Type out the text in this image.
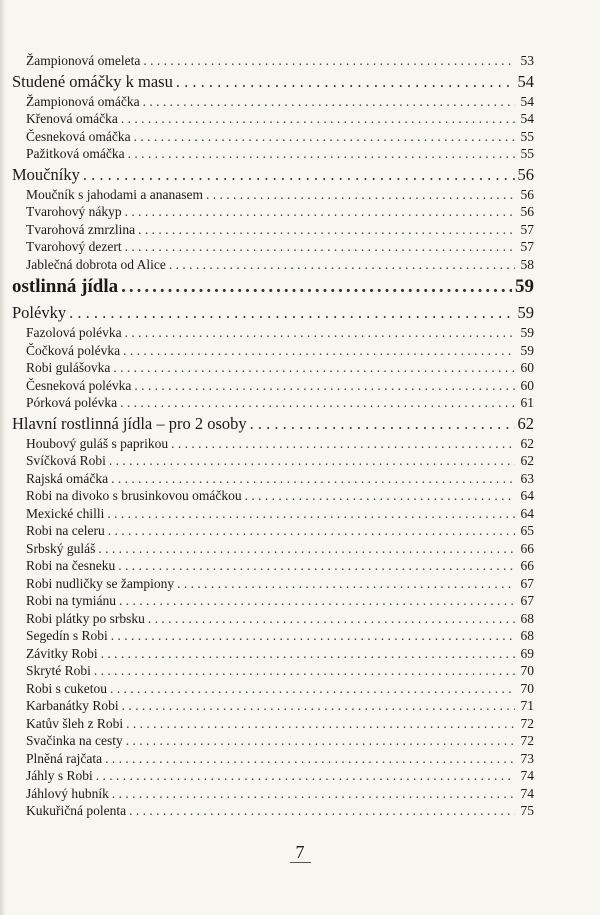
Žampionová omeleta . . .	53
Studené omáčky k masu . . .	54
Žampionová omáčka . . .	54
Křenová omáčka . . .	54
Česneková omáčka . . .	55
Pažitková omáčka . . .	55
Moučníky . . .	56
Moučník s jahodami a ananasem . . .	56
Tvarohový nákyp . . .	56
Tvarohová zmrzlina . . .	57
Tvarohový dezert . . .	57
Jablečná dobrota od Alice . . .	58
ostlinná jídla .....	59
Polévky . . .	59
Fazolová polévka . . .	59
Čočková polévka . . .	59
Robi gulášovka . . .	60
Česneková polévka . . .	60
Pórková polévka . . .	61
Hlavní rostlinná jídla – pro 2 osoby . . .	62
Houbový guláš s paprikou . . .	62
Svíčková Robi . . .	62
Rajská omáčka . . .	63
Robi na divoko s brusinkovou omáčkou . . .	64
Mexické chilli . . .	64
Robi na celeru . . .	65
Srbský guláš . . .	66
Robi na česneku . . .	66
Robi nudličky se žampiony . . .	67
Robi na tymiánu . . .	67
Robi plátky po srbsku . . .	68
Segedín s Robi . . .	68
Závitky Robi . . .	69
Skryté Robi . . .	70
Robi s cuketou . . .	70
Karbanátky Robi . . .	71
Katův šleh z Robi . . .	72
Svačinka na cesty . . .	72
Plněná rajčata . . .	73
Jáhly s Robi . . .	74
Jáhlový hubník . . .	74
Kukuřičná polenta . . .	75
7
